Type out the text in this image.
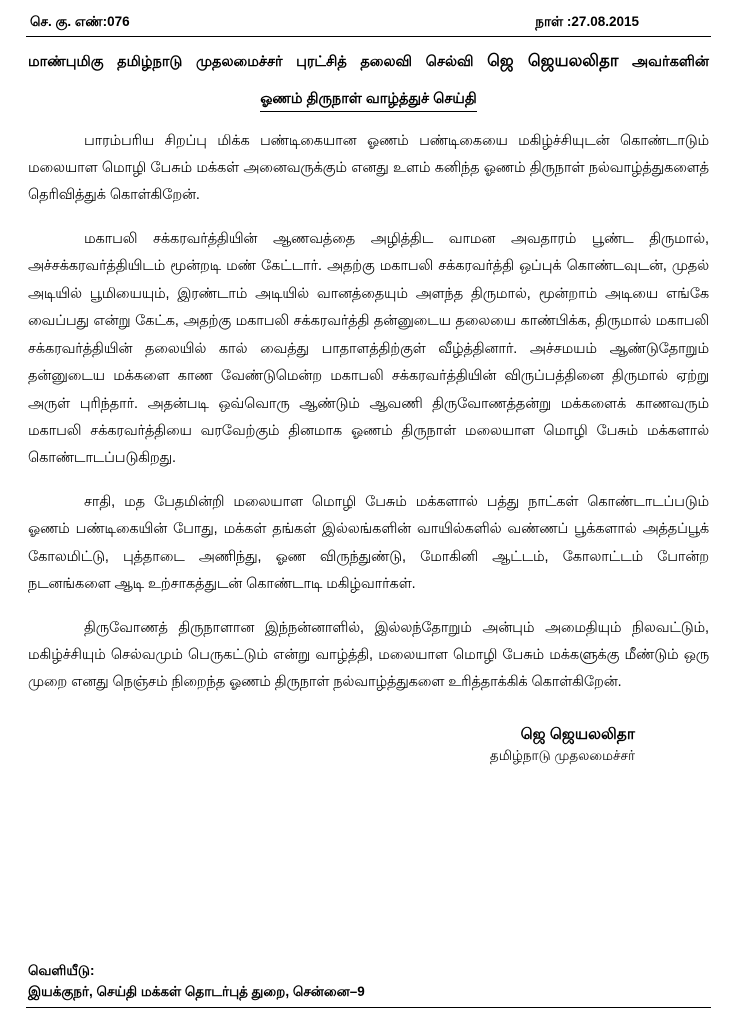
செ. கு. எண்:076	நாள் :27.08.2015
மாண்புமிகு தமிழ்நாடு முதலமைச்சர் புரட்சித் தலைவி செல்வி ஜெ ஜெயலலிதா அவர்களின்
ஓணம் திருநாள் வாழ்த்துச் செய்தி

பாரம்பரிய சிறப்பு மிக்க பண்டிகையான ஓணம் பண்டிகையை மகிழ்ச்சியுடன் கொண்டாடும் மலையாள மொழி பேசும் மக்கள் அனைவருக்கும் எனது உளம் கனிந்த ஓணம் திருநாள் நல்வாழ்த்துகளைத் தெரிவித்துக் கொள்கிறேன்.

மகாபலி சக்கரவர்த்தியின் ஆணவத்தை அழித்திட வாமன அவதாரம் பூண்ட திருமால், அச்சக்கரவர்த்தியிடம் மூன்றடி மண் கேட்டார். அதற்கு மகாபலி சக்கரவர்த்தி ஒப்புக் கொண்டவுடன், முதல் அடியில் பூமியையும், இரண்டாம் அடியில் வானத்தையும் அளந்த திருமால், மூன்றாம் அடியை எங்கே வைப்பது என்று கேட்க, அதற்கு மகாபலி சக்கரவர்த்தி தன்னுடைய தலையை காண்பிக்க, திருமால் மகாபலி சக்கரவர்த்தியின் தலையில் கால் வைத்து பாதாளத்திற்குள் வீழ்த்தினார். அச்சமயம் ஆண்டுதோறும் தன்னுடைய மக்களை காண வேண்டுமென்ற மகாபலி சக்கரவர்த்தியின் விருப்பத்தினை திருமால் ஏற்று அருள் புரிந்தார். அதன்படி ஒவ்வொரு ஆண்டும் ஆவணி திருவோணத்தன்று மக்களைக் காணவரும் மகாபலி சக்கரவர்த்தியை வரவேற்கும் தினமாக ஓணம் திருநாள் மலையாள மொழி பேசும் மக்களால் கொண்டாடப்படுகிறது.

சாதி, மத பேதமின்றி மலையாள மொழி பேசும் மக்களால் பத்து நாட்கள் கொண்டாடப்படும் ஓணம் பண்டிகையின் போது, மக்கள் தங்கள் இல்லங்களின் வாயில்களில் வண்ணப் பூக்களால் அத்தப்பூக் கோலமிட்டு, புத்தாடை அணிந்து, ஓண விருந்துண்டு, மோகினி ஆட்டம், கோலாட்டம் போன்ற நடனங்களை ஆடி உற்சாகத்துடன் கொண்டாடி மகிழ்வார்கள்.

திருவோணத் திருநாளான இந்நன்னாளில், இல்லந்தோறும் அன்பும் அமைதியும் நிலவட்டும், மகிழ்ச்சியும் செல்வமும் பெருகட்டும் என்று வாழ்த்தி, மலையாள மொழி பேசும் மக்களுக்கு மீண்டும் ஒரு முறை எனது நெஞ்சம் நிறைந்த ஓணம் திருநாள் நல்வாழ்த்துகளை உரித்தாக்கிக் கொள்கிறேன்.

ஜெ ஜெயலலிதா
தமிழ்நாடு முதலமைச்சர்
வெளியீடு:
இயக்குநர், செய்தி மக்கள் தொடர்புத் துறை, சென்னை–9
